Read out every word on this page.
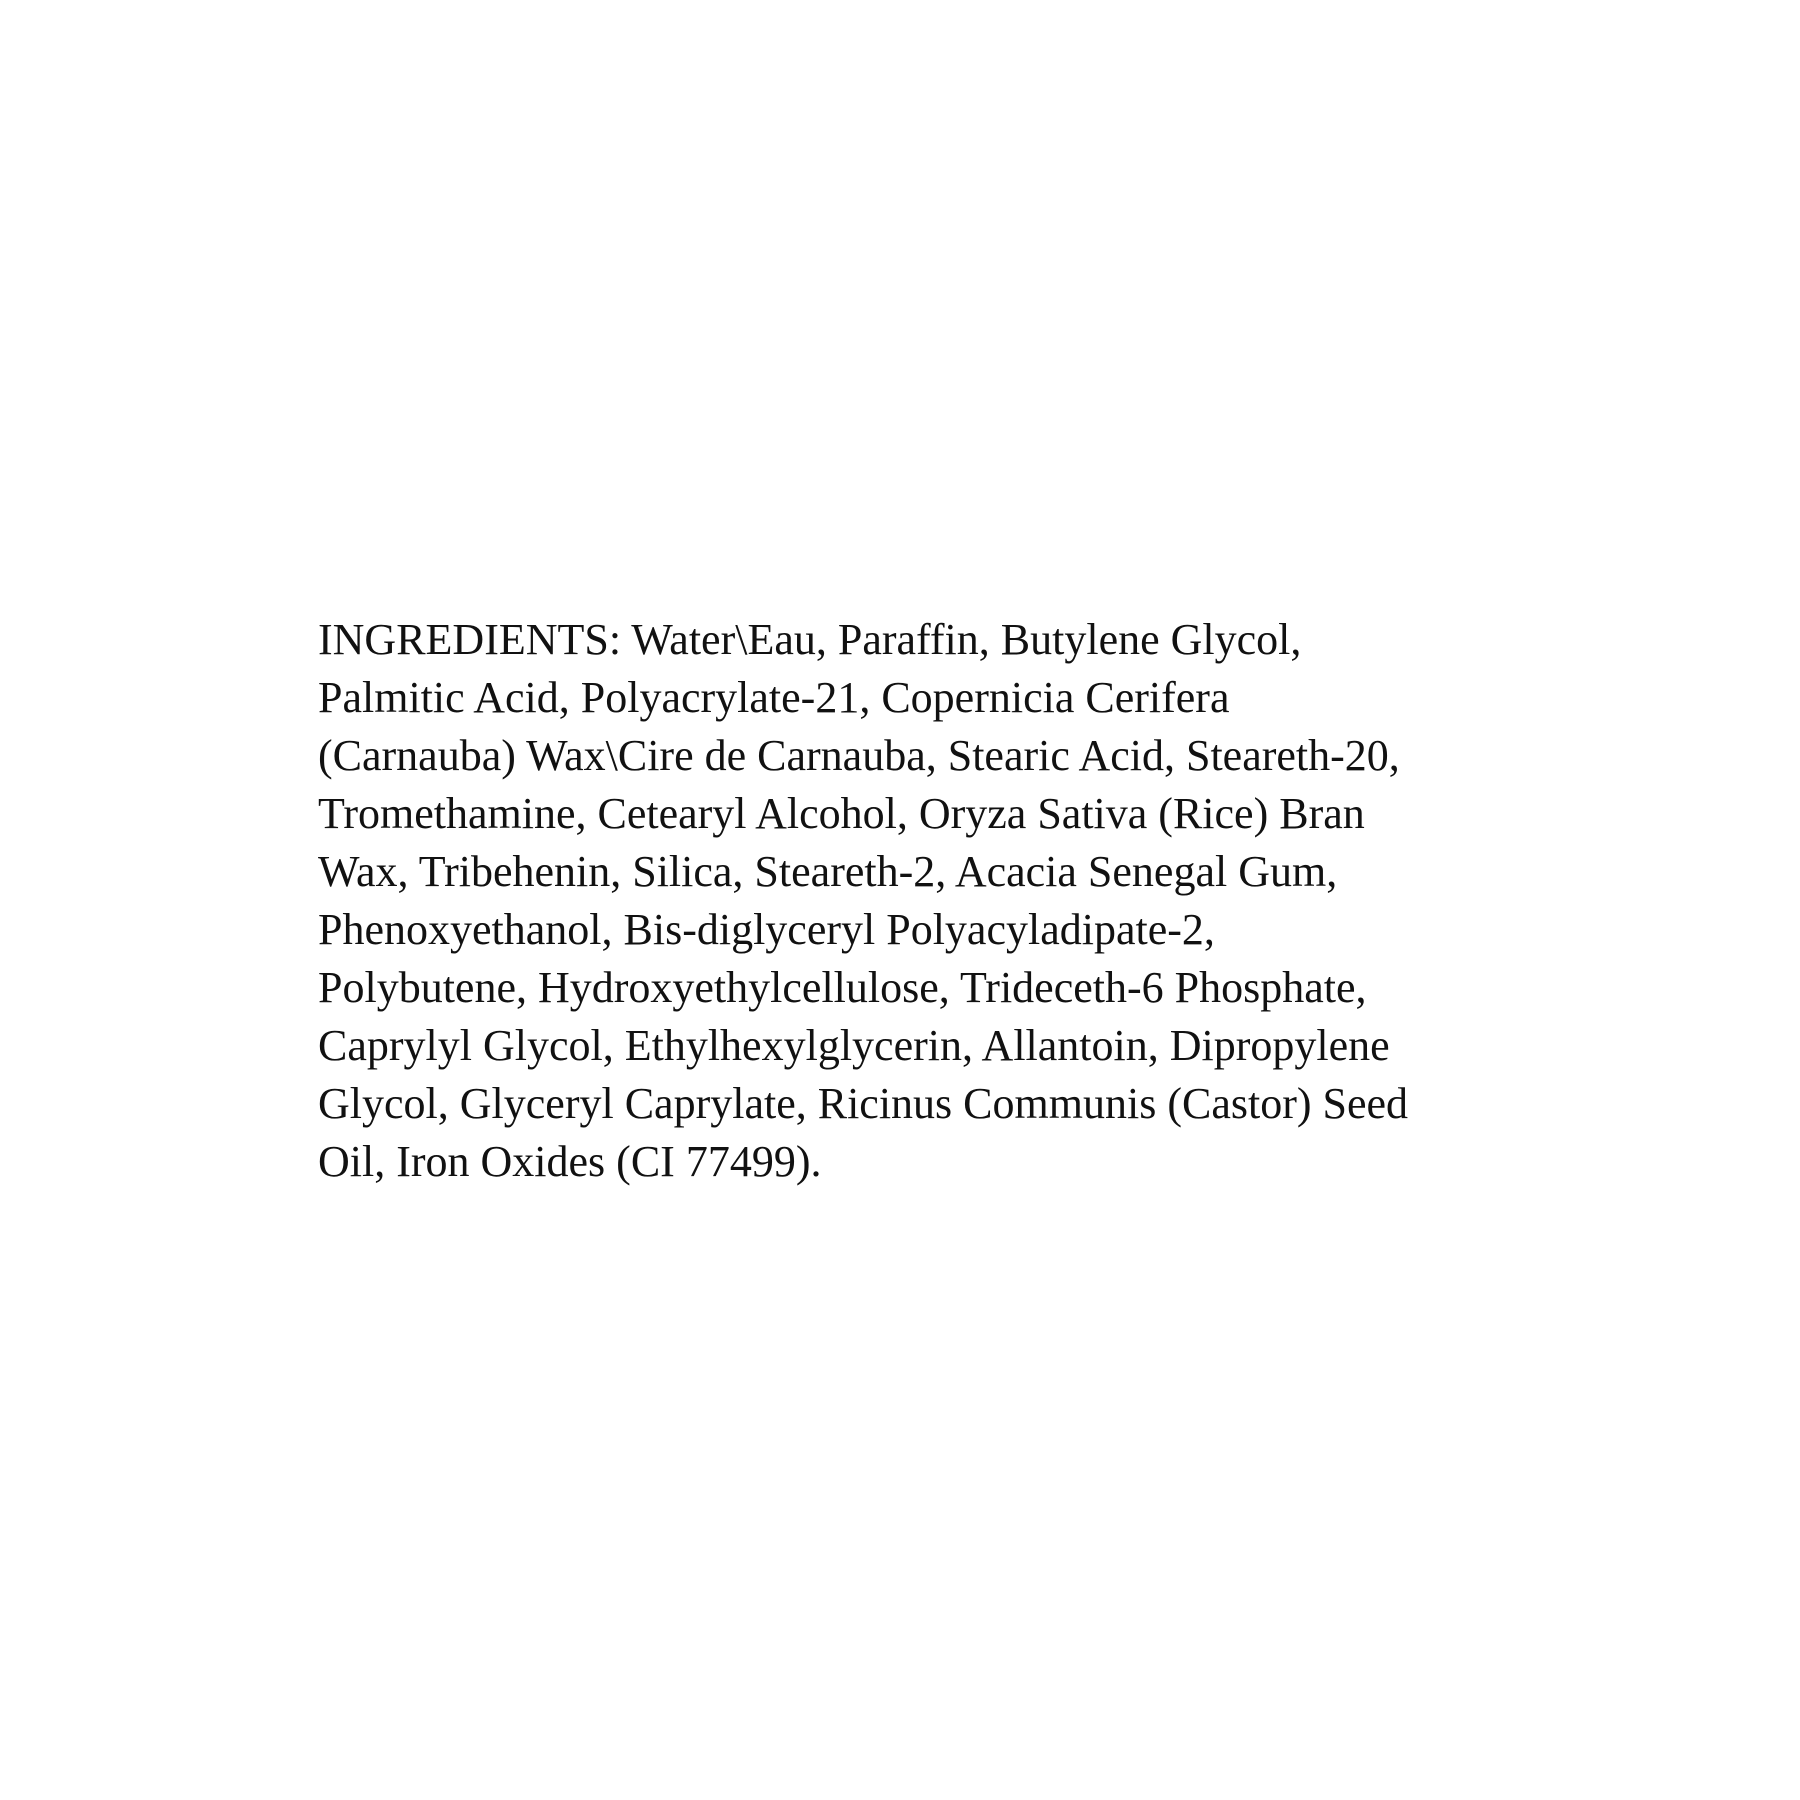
INGREDIENTS: Water\Eau, Paraffin, Butylene Glycol,
Palmitic Acid, Polyacrylate-21, Copernicia Cerifera
(Carnauba) Wax\Cire de Carnauba, Stearic Acid, Steareth-20,
Tromethamine, Cetearyl Alcohol, Oryza Sativa (Rice) Bran
Wax, Tribehenin, Silica, Steareth-2, Acacia Senegal Gum,
Phenoxyethanol, Bis-diglyceryl Polyacyladipate-2,
Polybutene, Hydroxyethylcellulose, Trideceth-6 Phosphate,
Caprylyl Glycol, Ethylhexylglycerin, Allantoin, Dipropylene
Glycol, Glyceryl Caprylate, Ricinus Communis (Castor) Seed
Oil, Iron Oxides (CI 77499).
